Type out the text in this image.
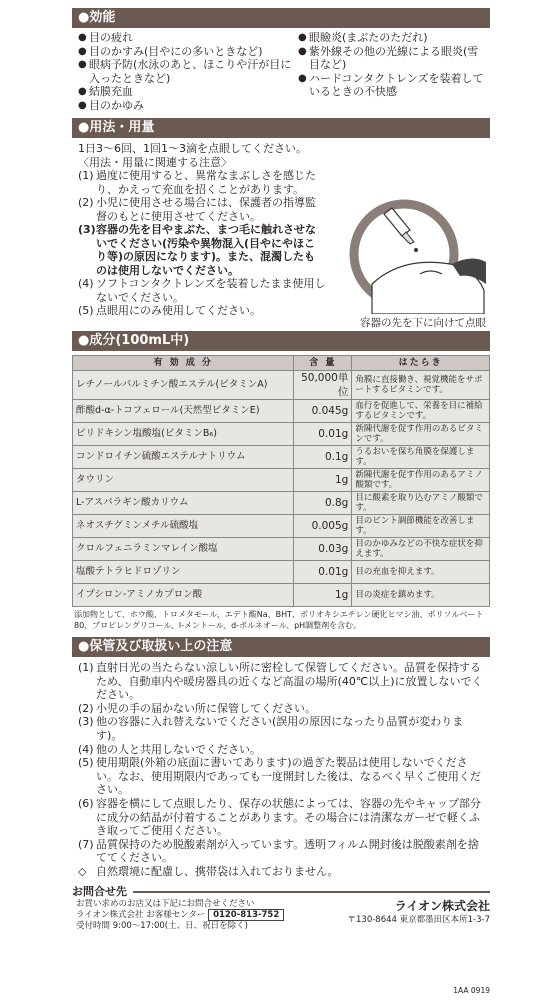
●効能
● 目の疲れ
● 目のかすみ(目やにの多いときなど)
● 眼病予防(水泳のあと、ほこりや汗が目に入ったときなど)
● 結膜充血
● 目のかゆみ
● 眼瞼炎(まぶたのただれ)
● 紫外線その他の光線による眼炎(雪目など)
● ハードコンタクトレンズを装着しているときの不快感
●用法・用量

1日3〜6回、1回1〜3滴を点眼してください。

〈用法・用量に関連する注意〉

(1) 過度に使用すると、異常なまぶしさを感じたり、かえって充血を招くことがあります。
(2) 小児に使用させる場合には、保護者の指導監督のもとに使用させてください。
(3) 容器の先を目やまぶた、まつ毛に触れさせないでください(汚染や異物混入(目やにやほこり等)の原因になります)。また、混濁したものは使用しないでください。
(4) ソフトコンタクトレンズを装着したまま使用しないでください。
(5) 点眼用にのみ使用してください。
容器の先を下に向けて点眼
●成分(100mL中)
有 効 成 分	含 量	はたらき
レチノールパルミチン酸エステル(ビタミンA)	50,000単位	角膜に直接働き、視覚機能をサポートするビタミンです。
酢酸d-α-トコフェロール(天然型ビタミンE)	0.045g	血行を促進して、栄養を目に補給するビタミンです。
ピリドキシン塩酸塩(ビタミンB₆)	0.01g	新陳代謝を促す作用のあるビタミンです。
コンドロイチン硫酸エステルナトリウム	0.1g	うるおいを保ち角膜を保護します。
タウリン	1g	新陳代謝を促す作用のあるアミノ酸類です。
L-アスパラギン酸カリウム	0.8g	目に酸素を取り込むアミノ酸類です。
ネオスチグミンメチル硫酸塩	0.005g	目のピント調節機能を改善します。
クロルフェニラミンマレイン酸塩	0.03g	目のかゆみなどの不快な症状を抑えます。
塩酸テトラヒドロゾリン	0.01g	目の充血を抑えます。
イプシロン-アミノカプロン酸	1g	目の炎症を鎮めます。
添加物として、ホウ酸、トロメタモール、エデト酸Na、BHT、ポリオキシエチレン硬化ヒマシ油、ポリソルベート80、プロピレングリコール、l-メントール、d-ボルネオール、pH調整剤を含む。
●保管及び取扱い上の注意
(1) 直射日光の当たらない涼しい所に密栓して保管してください。品質を保持するため、自動車内や暖房器具の近くなど高温の場所(40℃以上)に放置しないでください。
(2) 小児の手の届かない所に保管してください。
(3) 他の容器に入れ替えないでください(誤用の原因になったり品質が変わります)。
(4) 他の人と共用しないでください。
(5) 使用期限(外箱の底面に書いてあります)の過ぎた製品は使用しないでください。なお、使用期限内であっても一度開封した後は、なるべく早くご使用ください。
(6) 容器を横にして点眼したり、保存の状態によっては、容器の先やキャップ部分に成分の結晶が付着することがあります。その場合には清潔なガーゼで軽くふき取ってご使用ください。
(7) 品質保持のため脱酸素剤が入っています。透明フィルム開封後は脱酸素剤を捨ててください。
◇ 自然環境に配慮し、携帯袋は入れておりません。
お問合せ先
お買い求めのお店又は下記にお問合せください
ライオン株式会社 お客様センター 0120-813-752
受付時間 9:00〜17:00(土、日、祝日を除く)
ライオン株式会社
〒130-8644 東京都墨田区本所1-3-7
1AA 0919
